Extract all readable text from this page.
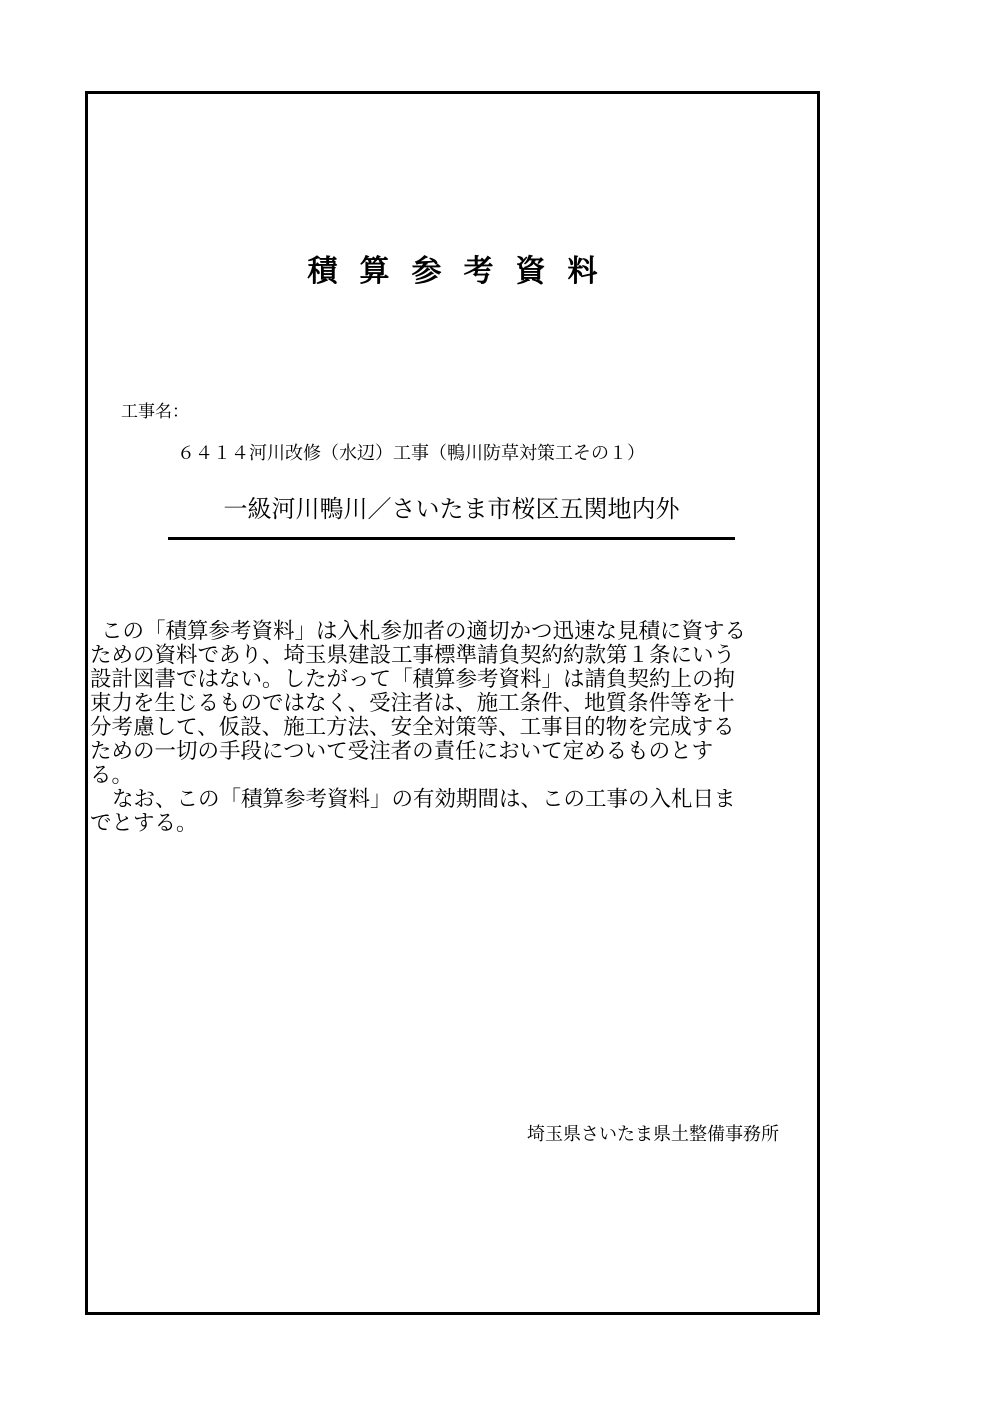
積算参考資料
工事名：
６４１４河川改修（水辺）工事（鴨川防草対策工その１）
一級河川鴨川／さいたま市桜区五関地内外

この「積算参考資料」は入札参加者の適切かつ迅速な見積に資する

ための資料であり、埼玉県建設工事標準請負契約約款第１条にいう

設計図書ではない。したがって「積算参考資料」は請負契約上の拘

束力を生じるものではなく、受注者は、施工条件、地質条件等を十

分考慮して、仮設、施工方法、安全対策等、工事目的物を完成する

ための一切の手段について受注者の責任において定めるものとす

る。

なお、この「積算参考資料」の有効期間は、この工事の入札日ま

でとする。

埼玉県さいたま県土整備事務所
